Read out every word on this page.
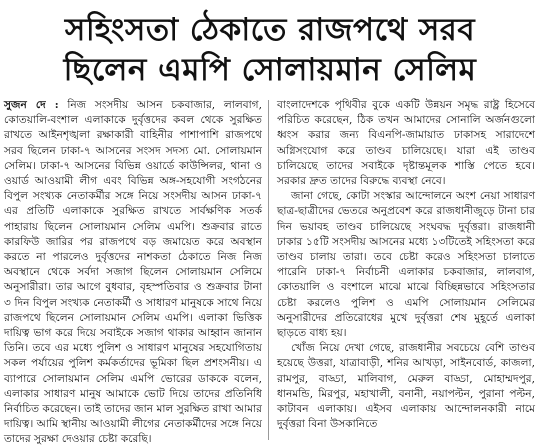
সহিংসতা ঠেকাতে রাজপথে সরব
ছিলেন এমপি সোলায়মান সেলিম

সুজন দে : নিজ সংসদীয় আসন চকবাজার, লালবাগ, কোতয়ালি-বংশাল এলাকাকে দুর্বৃত্তদের কবল থেকে সুরক্ষিত রাখতে আইনশৃঙ্খলা রক্ষাকারী বাহিনীর পাশাপাশি রাজপথে সরব ছিলেন ঢাকা-৭ আসনের সংসদ সদস্য মো. সোলায়মান সেলিম। ঢাকা-৭ আসনের বিভিন্ন ওয়ার্ডে কাউন্সিলর, থানা ও ওয়ার্ড আওয়ামী লীগ এবং বিভিন্ন অঙ্গ-সহযোগী সংগঠনের বিপুল সংখ্যক নেতাকর্মীর সঙ্গে নিয়ে সংসদীয় আসন ঢাকা-৭ এর প্রতিটি এলাকাকে সুরক্ষিত রাখতে সার্বক্ষণিক সতর্ক পাহারায় ছিলেন সোলায়মান সেলিম এমপি। শুক্রবার রাতে কারফিউ জারির পর রাজপথে বড় জমায়েত করে অবস্থান করতে না পারলেও দুর্বৃত্তদের নাশকতা ঠেকাতে নিজ নিজ অবস্থানে থেকে সর্বদা সজাগ ছিলেন সোলায়মান সেলিমে অনুসারীরা। তার আগে বুধবার, বৃহস্পতিবার ও শুক্রবার টানা ৩ দিন বিপুল সংখ্যক নেতাকর্মী ও সাধারণ মানুষকে সাথে নিয়ে রাজপথে ছিলেন সোলায়মান সেলিম এমপি। এলাকা ভিত্তিক দায়িত্ব ভাগ করে দিয়ে সবাইকে সজাগ থাকার আহ্বান জানান তিনি। তবে এর মধ্যে পুলিশ ও সাধারণ মানুষের সহযোগিতায় সকল পর্যায়ের পুলিশ কর্মকর্তাদের ভূমিকা ছিল প্রশংসনীয়। এ ব্যাপারে সোলায়মান সেলিম এমপি ভোরের ডাককে বলেন, এলাকার সাধারণ মানুষ আমাকে ভোট দিয়ে তাদের প্রতিনিধি নির্বাচিত করেছেন। তাই তাদের জান মাল সুরক্ষিত রাখা আমার দায়িত্ব। আমি স্থানীয় আওয়ামী লীগের নেতাকর্মীদের সঙ্গে নিয়ে তাদের সুরক্ষা দেওয়ার চেষ্টা করেছি।

বাংলাদেশকে পৃথিবীর বুকে একটি উন্নয়ন সমৃদ্ধ রাষ্ট্র হিসেবে পরিচিত করেছেন, ঠিক তখন আমাদের সোনালি অর্জনগুলো ধ্বংস করার জন্য বিএনপি-জামায়াত ঢাকাসহ সারাদেশে অগ্নিসংযোগ করে তাণ্ডব চালিয়েছে। যারা এই তাণ্ডব চালিয়েছে তাদের সবাইকে দৃষ্টান্তমূলক শাস্তি পেতে হবে। সরকার দ্রুত তাদের বিরুদ্ধে ব্যবস্থা নেবে।

জানা গেছে, কোটা সংস্কার আন্দোলনে অংশ নেয়া সাধারণ ছাত্র-ছাত্রীদের ভেতরে অনুপ্রবেশ করে রাজধানীজুড়ে টানা চার দিন ভয়াবহ তাণ্ডব চালিয়েছে সংঘবদ্ধ দুর্বৃত্তরা। রাজধানী ঢাকার ১৫টি সংসদীয় আসনের মধ্যে ১৩টিতেই সহিংসতা করে তাণ্ডব চালায় তারা। তবে চেষ্টা করেও সহিংসতা চালাতে পারেনি ঢাকা-৭ নির্বাচনী এলাকার চকবাজার, লালবাগ, কোতয়ালি ও বংশালে মাঝে মাঝে বিচ্ছিন্নভাবে সহিংসতার চেষ্টা করলেও পুলিশ ও এমপি সোলায়মান সেলিমের অনুসারীদের প্রতিরোধের মুখে দুর্বৃত্তরা শেষ মুহূর্তে এলাকা ছাড়তে বাধ্য হয়।

খোঁজ নিয়ে দেখা গেছে, রাজধানীর সবচেয়ে বেশি তাণ্ডব হয়েছে উত্তরা, যাত্রাবাড়ী, শনির আখড়া, সাইনবোর্ড, কাজলা, রামপুর, বাড্ডা, মালিবাগ, মেরুল বাড্ডা, মোহাম্মদপুর, ধানমন্ডি, মিরপুর, মহাখালী, বনানী, নয়াপল্টন, পুরানা পল্টন, কাটাবন এলাকায়। এইসব এলাকায় আন্দোলনকারী নামে দুর্বৃত্তরা বিনা উসকানিতে
